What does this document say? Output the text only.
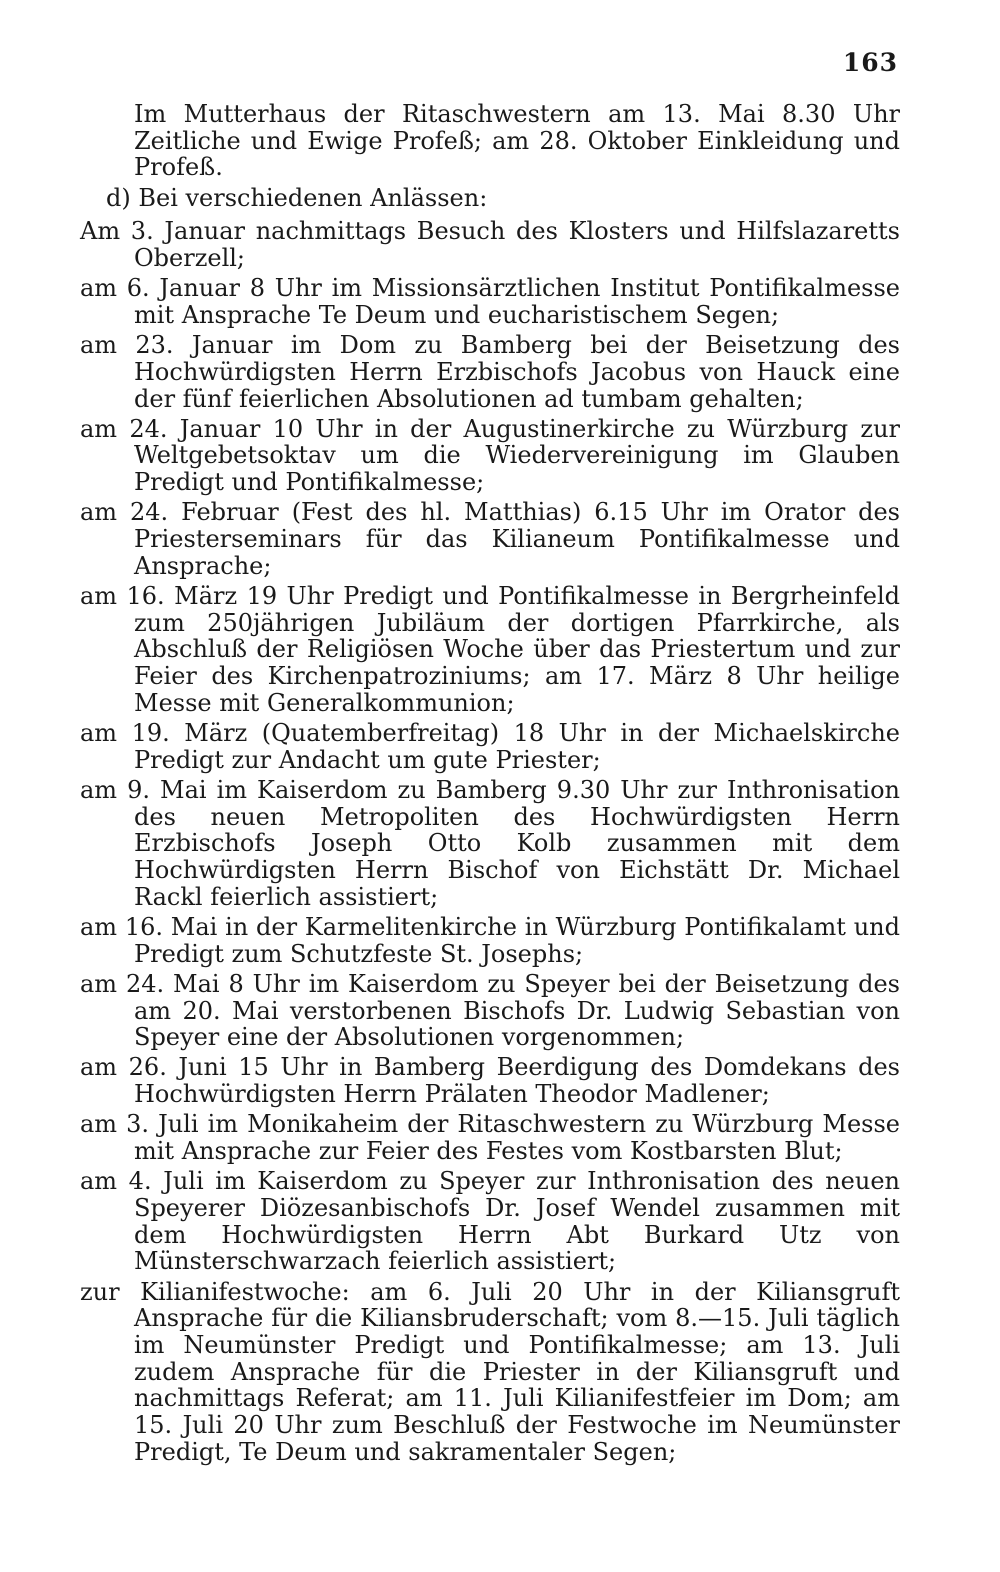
163

Im Mutterhaus der Ritaschwestern am 13. Mai 8.30 Uhr Zeitliche und Ewige Profeß; am 28. Oktober Einkleidung und Profeß.

d) Bei verschiedenen Anlässen:

Am 3. Januar nachmittags Besuch des Klosters und Hilfslazaretts Oberzell;

am 6. Januar 8 Uhr im Missionsärztlichen Institut Pontifikalmesse mit Ansprache Te Deum und eucharistischem Segen;

am 23. Januar im Dom zu Bamberg bei der Beisetzung des Hochwürdigsten Herrn Erzbischofs Jacobus von Hauck eine der fünf feierlichen Absolutionen ad tumbam gehalten;

am 24. Januar 10 Uhr in der Augustinerkirche zu Würzburg zur Weltgebetsoktav um die Wiedervereinigung im Glauben Predigt und Pontifikalmesse;

am 24. Februar (Fest des hl. Matthias) 6.15 Uhr im Orator des Priesterseminars für das Kilianeum Pontifikalmesse und Ansprache;

am 16. März 19 Uhr Predigt und Pontifikalmesse in Bergrheinfeld zum 250jährigen Jubiläum der dortigen Pfarrkirche, als Abschluß der Religiösen Woche über das Priestertum und zur Feier des Kirchenpatroziniums; am 17. März 8 Uhr heilige Messe mit Generalkommunion;

am 19. März (Quatemberfreitag) 18 Uhr in der Michaelskirche Predigt zur Andacht um gute Priester;

am 9. Mai im Kaiserdom zu Bamberg 9.30 Uhr zur Inthronisation des neuen Metropoliten des Hochwürdigsten Herrn Erzbischofs Joseph Otto Kolb zusammen mit dem Hochwürdigsten Herrn Bischof von Eichstätt Dr. Michael Rackl feierlich assistiert;

am 16. Mai in der Karmelitenkirche in Würzburg Pontifikalamt und Predigt zum Schutzfeste St. Josephs;

am 24. Mai 8 Uhr im Kaiserdom zu Speyer bei der Beisetzung des am 20. Mai verstorbenen Bischofs Dr. Ludwig Sebastian von Speyer eine der Absolutionen vorgenommen;

am 26. Juni 15 Uhr in Bamberg Beerdigung des Domdekans des Hochwürdigsten Herrn Prälaten Theodor Madlener;

am 3. Juli im Monikaheim der Ritaschwestern zu Würzburg Messe mit Ansprache zur Feier des Festes vom Kostbarsten Blut;

am 4. Juli im Kaiserdom zu Speyer zur Inthronisation des neuen Speyerer Diözesanbischofs Dr. Josef Wendel zusammen mit dem Hochwürdigsten Herrn Abt Burkard Utz von Münsterschwarzach feierlich assistiert;

zur Kilianifestwoche: am 6. Juli 20 Uhr in der Kiliansgruft Ansprache für die Kiliansbruderschaft; vom 8.—15. Juli täglich im Neumünster Predigt und Pontifikalmesse; am 13. Juli zudem Ansprache für die Priester in der Kiliansgruft und nachmittags Referat; am 11. Juli Kilianifestfeier im Dom; am 15. Juli 20 Uhr zum Beschluß der Festwoche im Neumünster Predigt, Te Deum und sakramentaler Segen;
